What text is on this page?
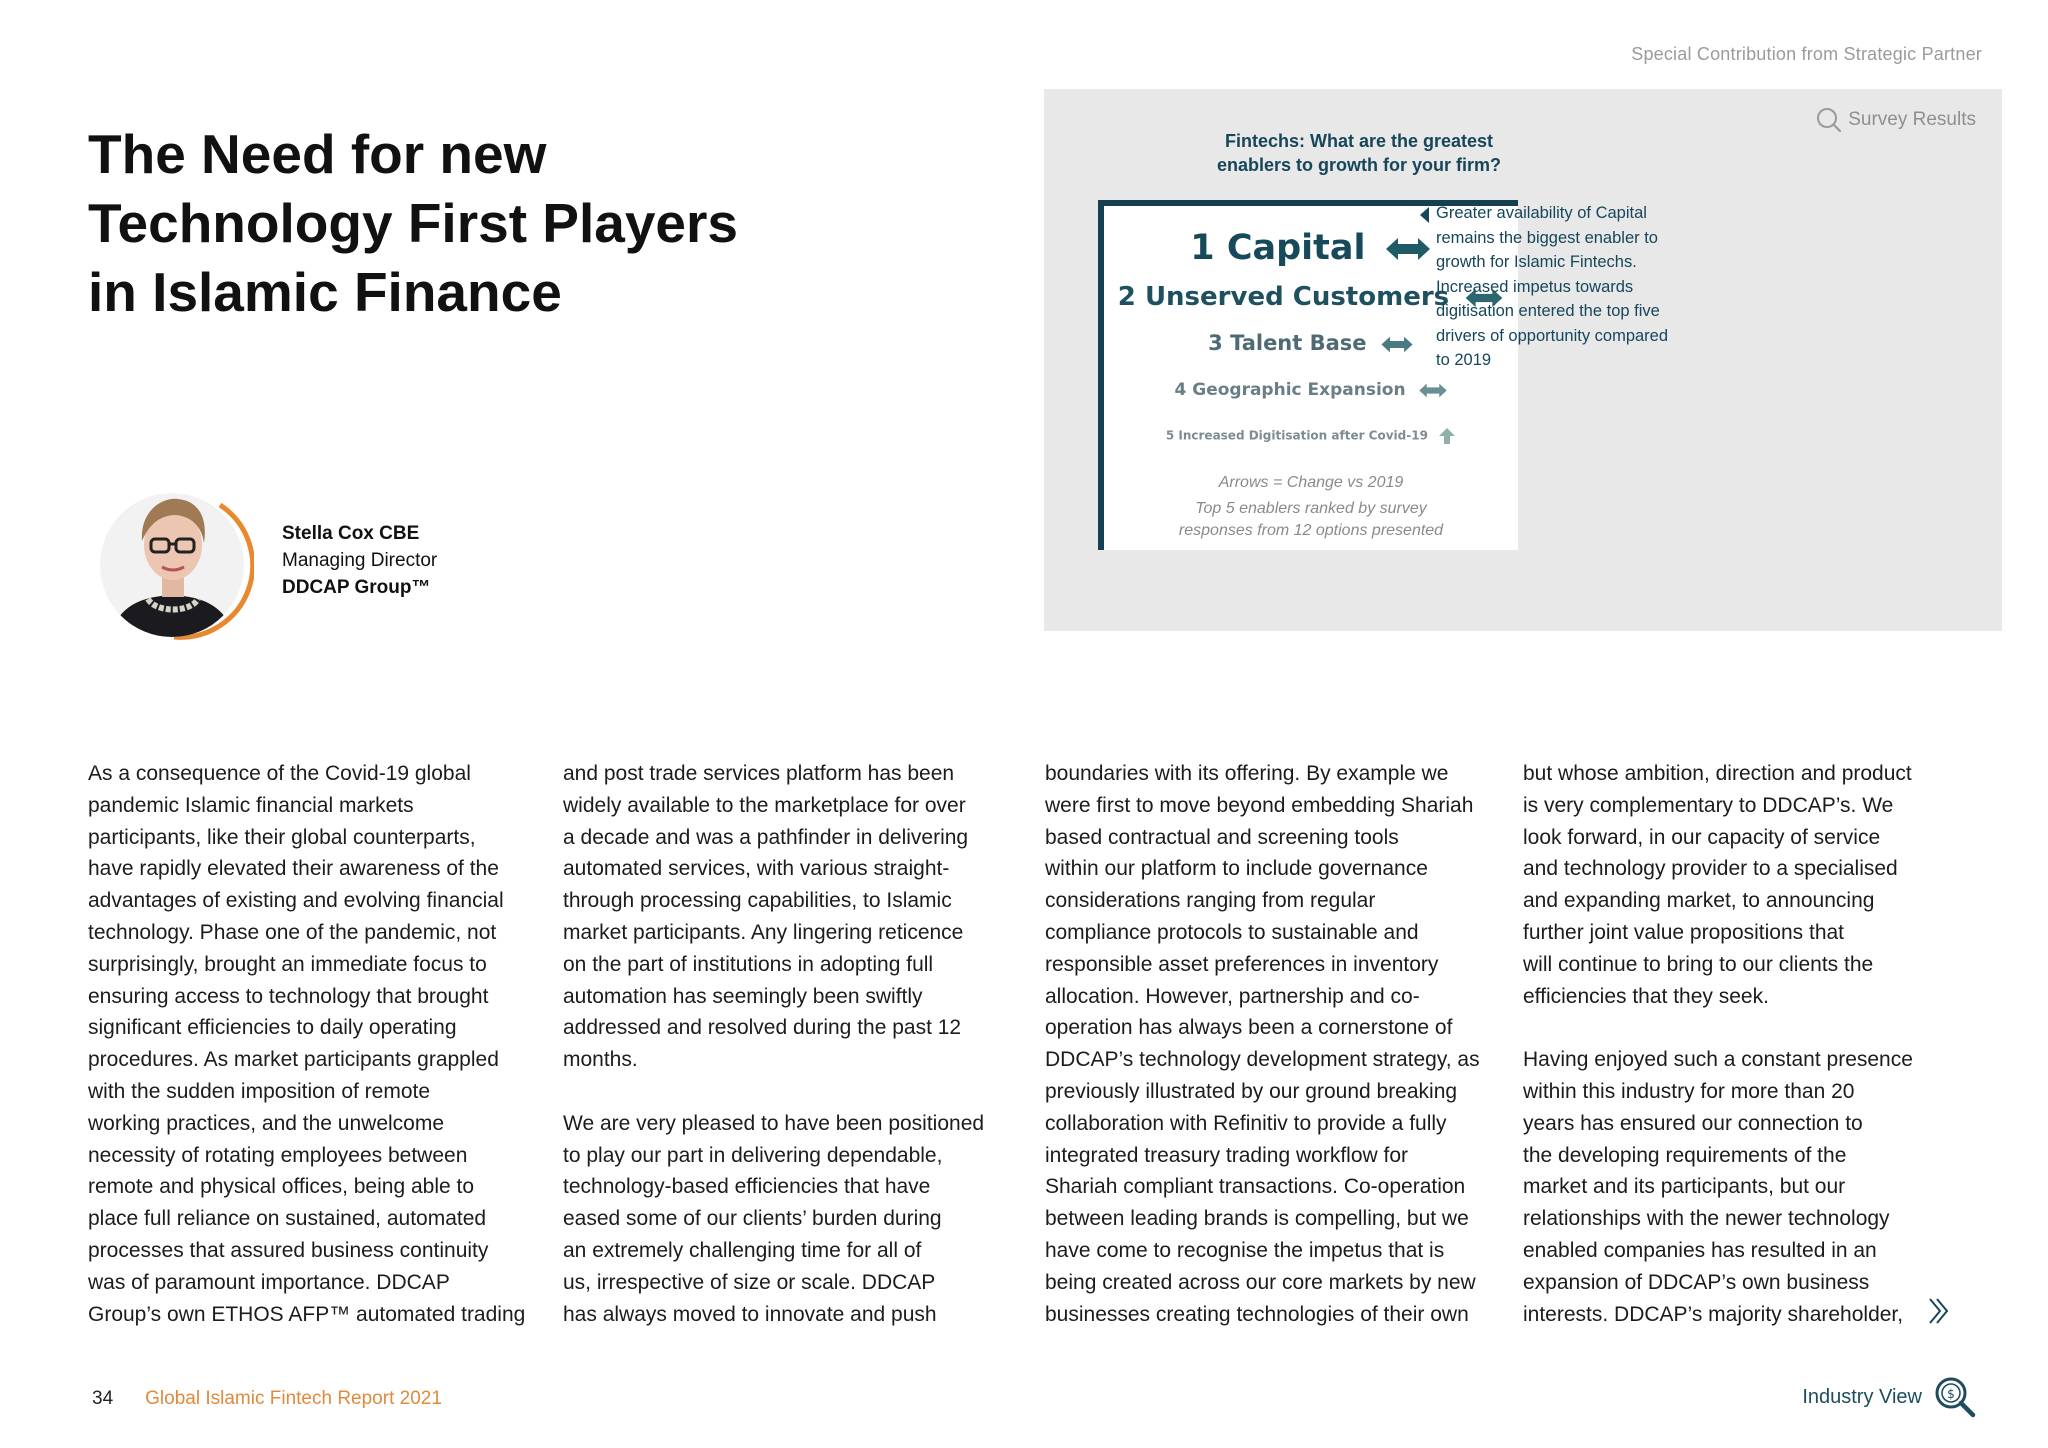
Special Contribution from Strategic Partner
The Need for new
Technology First Players
in Islamic Finance
Survey Results
Fintechs: What are the greatest
enablers to growth for your firm?
1 Capital
2 Unserved Customers
3 Talent Base
4 Geographic Expansion
5 Increased Digitisation after Covid-19
Arrows = Change vs 2019
Top 5 enablers ranked by survey
responses from 12 options presented
Greater availability of Capital
remains the biggest enabler to
growth for Islamic Fintechs.
Increased impetus towards
digitisation entered the top five
drivers of opportunity compared
to 2019
Stella Cox CBE
Managing Director
DDCAP Group™

As a consequence of the Covid-19 global
pandemic Islamic financial markets
participants, like their global counterparts,
have rapidly elevated their awareness of the
advantages of existing and evolving financial
technology. Phase one of the pandemic, not
surprisingly, brought an immediate focus to
ensuring access to technology that brought
significant efficiencies to daily operating
procedures. As market participants grappled
with the sudden imposition of remote
working practices, and the unwelcome
necessity of rotating employees between
remote and physical offices, being able to
place full reliance on sustained, automated
processes that assured business continuity
was of paramount importance. DDCAP
Group’s own ETHOS AFP™ automated trading

and post trade services platform has been
widely available to the marketplace for over
a decade and was a pathfinder in delivering
automated services, with various straight-
through processing capabilities, to Islamic
market participants. Any lingering reticence
on the part of institutions in adopting full
automation has seemingly been swiftly
addressed and resolved during the past 12
months.

We are very pleased to have been positioned
to play our part in delivering dependable,
technology-based efficiencies that have
eased some of our clients’ burden during
an extremely challenging time for all of
us, irrespective of size or scale. DDCAP
has always moved to innovate and push

boundaries with its offering. By example we
were first to move beyond embedding Shariah
based contractual and screening tools
within our platform to include governance
considerations ranging from regular
compliance protocols to sustainable and
responsible asset preferences in inventory
allocation. However, partnership and co-
operation has always been a cornerstone of
DDCAP’s technology development strategy, as
previously illustrated by our ground breaking
collaboration with Refinitiv to provide a fully
integrated treasury trading workflow for
Shariah compliant transactions. Co-operation
between leading brands is compelling, but we
have come to recognise the impetus that is
being created across our core markets by new
businesses creating technologies of their own

but whose ambition, direction and product
is very complementary to DDCAP’s. We
look forward, in our capacity of service
and technology provider to a specialised
and expanding market, to announcing
further joint value propositions that
will continue to bring to our clients the
efficiencies that they seek.

Having enjoyed such a constant presence
within this industry for more than 20
years has ensured our connection to
the developing requirements of the
market and its participants, but our
relationships with the newer technology
enabled companies has resulted in an
expansion of DDCAP’s own business
interests. DDCAP’s majority shareholder,

34 Global Islamic Fintech Report 2021	Industry View $
